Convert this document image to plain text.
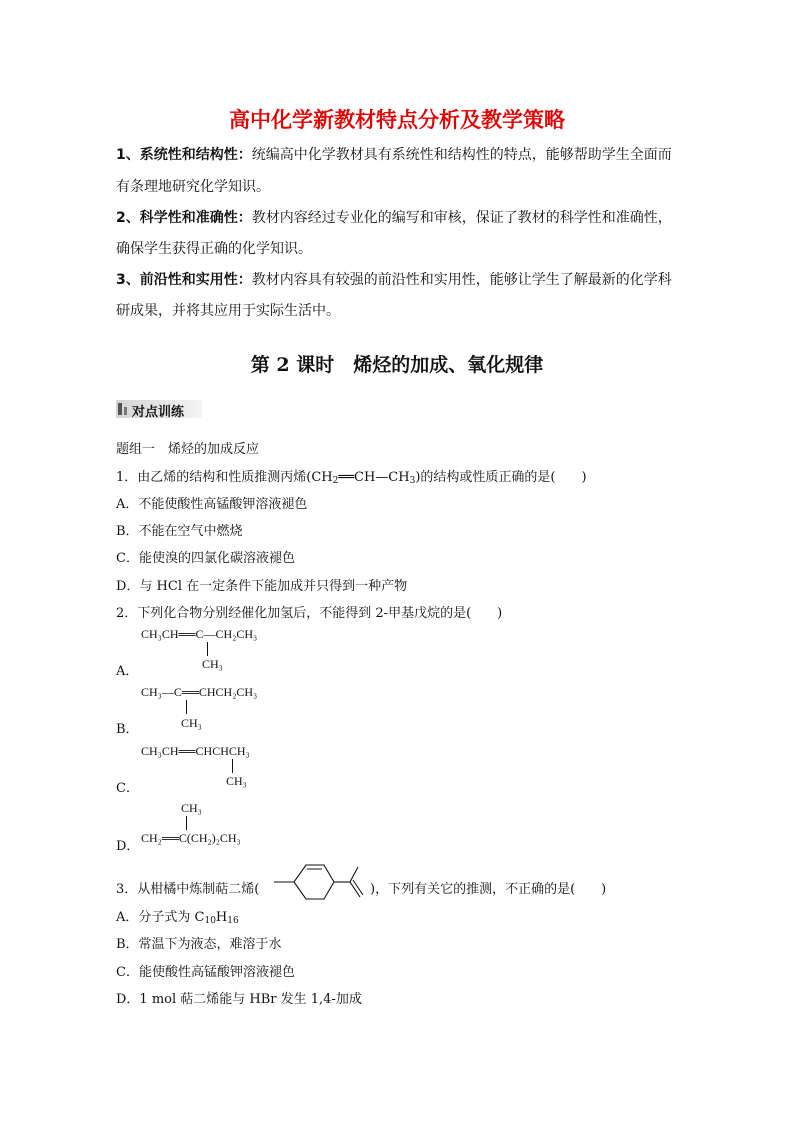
高中化学新教材特点分析及教学策略
1、系统性和结构性：统编高中化学教材具有系统性和结构性的特点，能够帮助学生全面而
有条理地研究化学知识。
2、科学性和准确性：教材内容经过专业化的编写和审核，保证了教材的科学性和准确性，
确保学生获得正确的化学知识。
3、前沿性和实用性：教材内容具有较强的前沿性和实用性，能够让学生了解最新的化学科
研成果，并将其应用于实际生活中。
第 2 课时　烯烃的加成、氧化规律
对点训练
题组一　烯烃的加成反应
1．由乙烯的结构和性质推测丙烯$(CH_2══CH—CH_3)$的结构或性质正确的是(　　)
A．不能使酸性高锰酸钾溶液褪色
B．不能在空气中燃烧
C．能使溴的四氯化碳溶液褪色
D．与 HCl 在一定条件下能加成并只得到一种产物
2．下列化合物分别经催化加氢后，不能得到 2-甲基戊烷的是(　　)
A．
CH₃CH══C—CH₂CH₃
CH₃
B．
CH₃—C══CHCH₂CH₃
CH₃
C．
CH₃CH══CHCHCH₃
CH₃
D．
CH₃
CH₂══C(CH₂)₂CH₃
3．从柑橘中炼制萜二烯(	)，下列有关它的推测，不正确的是(　　)
A．分子式为 $C_{10}H_{16}$
B．常温下为液态，难溶于水
C．能使酸性高锰酸钾溶液褪色
D．1 mol 萜二烯能与 HBr 发生 1,4-加成
